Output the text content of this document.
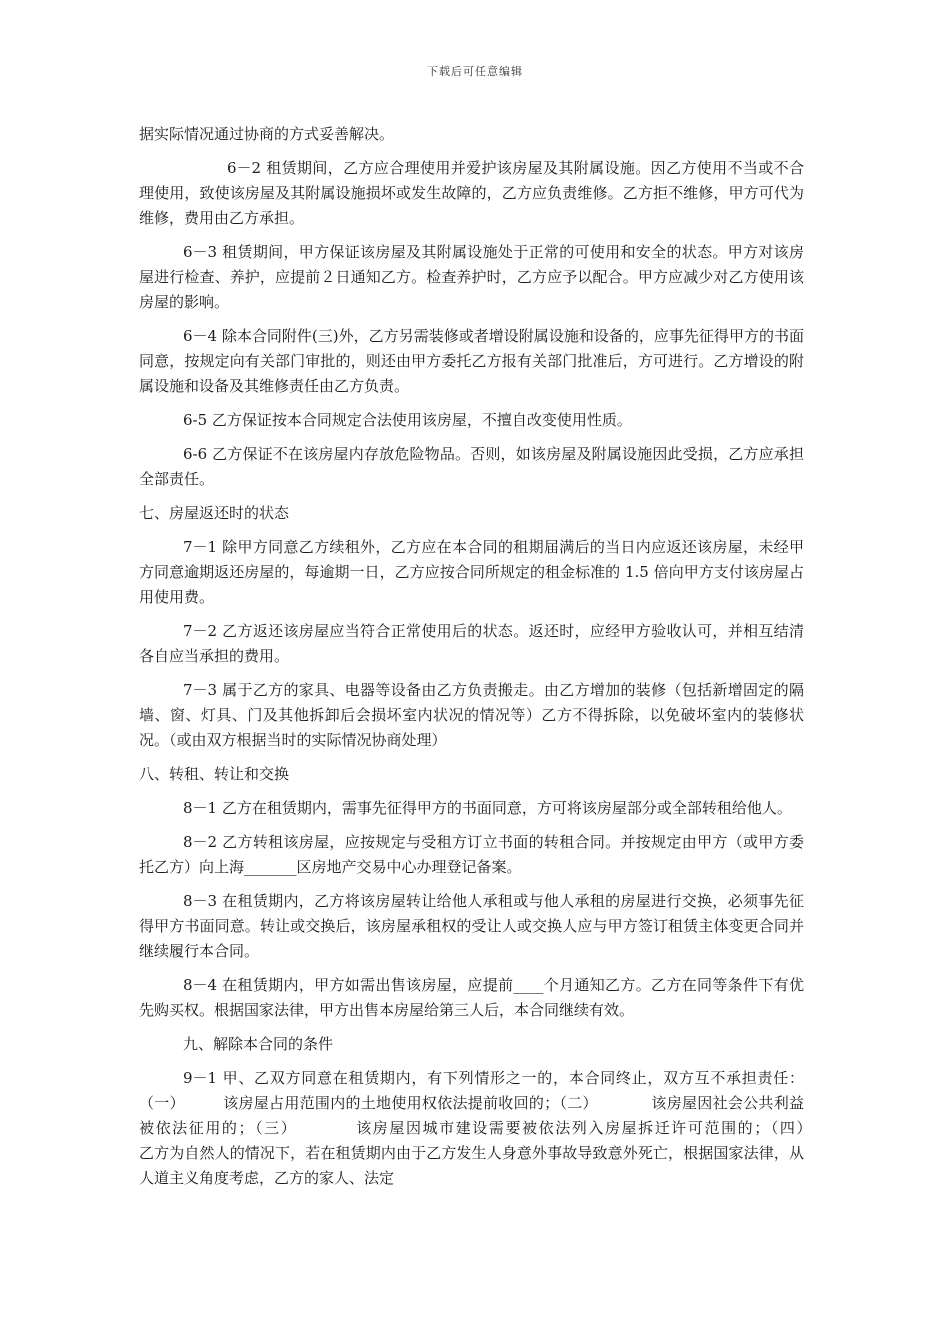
下载后可任意编辑

据实际情况通过协商的方式妥善解决。

6－2 租赁期间，乙方应合理使用并爱护该房屋及其附属设施。因乙方使用不当或不合理使用，致使该房屋及其附属设施损坏或发生故障的，乙方应负责维修。乙方拒不维修，甲方可代为维修，费用由乙方承担。

6－3 租赁期间，甲方保证该房屋及其附属设施处于正常的可使用和安全的状态。甲方对该房屋进行检查、养护，应提前２日通知乙方。检查养护时，乙方应予以配合。甲方应减少对乙方使用该房屋的影响。

6－4 除本合同附件(三)外，乙方另需装修或者增设附属设施和设备的，应事先征得甲方的书面同意，按规定向有关部门审批的，则还由甲方委托乙方报有关部门批准后，方可进行。乙方增设的附属设施和设备及其维修责任由乙方负责。

6-5 乙方保证按本合同规定合法使用该房屋，不擅自改变使用性质。

6-6 乙方保证不在该房屋内存放危险物品。否则，如该房屋及附属设施因此受损，乙方应承担全部责任。

七、房屋返还时的状态

7－1 除甲方同意乙方续租外，乙方应在本合同的租期届满后的当日内应返还该房屋，未经甲方同意逾期返还房屋的，每逾期一日，乙方应按合同所规定的租金标准的 1.5 倍向甲方支付该房屋占用使用费。

7－2 乙方返还该房屋应当符合正常使用后的状态。返还时，应经甲方验收认可，并相互结清各自应当承担的费用。

7－3 属于乙方的家具、电器等设备由乙方负责搬走。由乙方增加的装修（包括新增固定的隔墙、窗、灯具、门及其他拆卸后会损坏室内状况的情况等）乙方不得拆除，以免破坏室内的装修状况。（或由双方根据当时的实际情况协商处理）

八、转租、转让和交换

8－1 乙方在租赁期内，需事先征得甲方的书面同意，方可将该房屋部分或全部转租给他人。

8－2 乙方转租该房屋，应按规定与受租方订立书面的转租合同。并按规定由甲方（或甲方委托乙方）向上海_______区房地产交易中心办理登记备案。

8－3 在租赁期内，乙方将该房屋转让给他人承租或与他人承租的房屋进行交换，必须事先征得甲方书面同意。转让或交换后，该房屋承租权的受让人或交换人应与甲方签订租赁主体变更合同并继续履行本合同。

8－4 在租赁期内，甲方如需出售该房屋，应提前____个月通知乙方。乙方在同等条件下有优先购买权。根据国家法律，甲方出售本房屋给第三人后，本合同继续有效。

九、解除本合同的条件

9－1 甲、乙双方同意在租赁期内，有下列情形之一的，本合同终止，双方互不承担责任：（一）　　　该房屋占用范围内的土地使用权依法提前收回的；（二）　　　　该房屋因社会公共利益被依法征用的；（三）　　　　该房屋因城市建设需要被依法列入房屋拆迁许可范围的；（四）　　　　乙方为自然人的情况下，若在租赁期内由于乙方发生人身意外事故导致意外死亡，根据国家法律，从人道主义角度考虑，乙方的家人、法定
